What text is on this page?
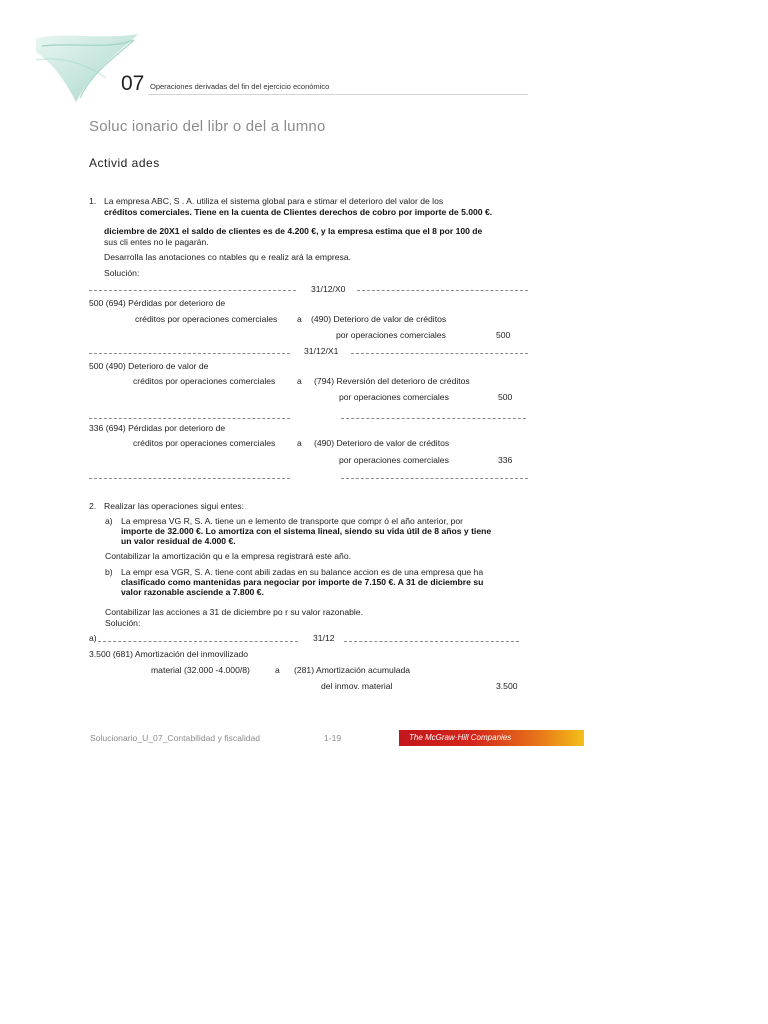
07 Operaciones derivadas del fin del ejercicio económico
Soluc ionario del libr o del a lumno
Activid ades
1. La empresa ABC, S . A. utiliza el sistema global para e stimar el deterioro del valor de los
créditos comerciales. Tiene en la cuenta de Clientes derechos de cobro por importe de 5.000 €.
diciembre de 20X1 el saldo de clientes es de 4.200 €, y la empresa estima que el 8 por 100 de
sus cli entes no le pagarán.
Desarrolla las anotaciones co ntables qu e realiz ará la empresa.
Solución:
31/12/X0
500 (694) Pérdidas por deterioro de
créditos por operaciones comerciales a (490) Deterioro de valor de créditos
por operaciones comerciales	500
31/12/X1
500 (490) Deterioro de valor de
créditos por operaciones comerciales	a (794) Reversión del deterioro de créditos
por operaciones comerciales	500
336 (694) Pérdidas por deterioro de
créditos por operaciones comerciales	a (490) Deterioro de valor de créditos
por operaciones comerciales	336
2. Realizar las operaciones sigui entes:
a) La empresa VG R, S. A. tiene un e lemento de transporte que compr ó el año anterior, por
importe de 32.000 €. Lo amortiza con el sistema lineal, siendo su vida útil de 8 años y tiene
un valor residual de 4.000 €.
Contabilizar la amortización qu e la empresa registrará este año.
b) La empr esa VGR, S. A. tiene cont abili zadas en su balance accion es de una empresa que ha
clasificado como mantenidas para negociar por importe de 7.150 €. A 31 de diciembre su
valor razonable asciende a 7.800 €.
Contabilizar las acciones a 31 de diciembre po r su valor razonable.
Solución:
a)	31/12
3.500 (681) Amortización del inmovilizado
material (32.000 -4.000/8)	a (281) Amortización acumulada
del inmov. material	3.500
Solucionario_U_07_Contabilidad y fiscalidad	1-19	The McGraw·Hill Companies
